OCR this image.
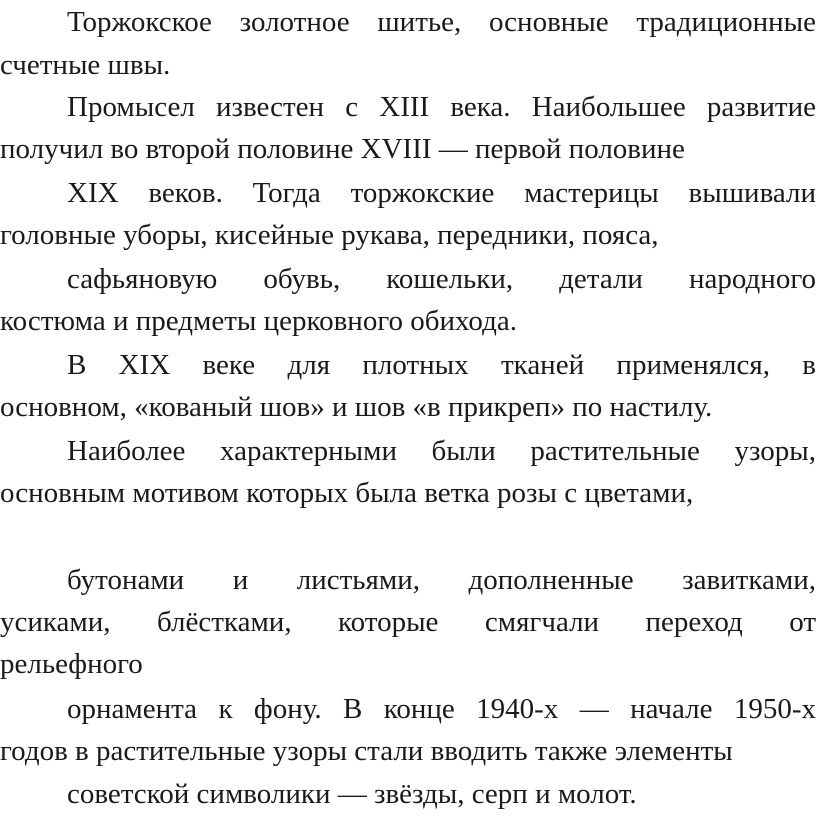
Торжокское золотное шитье, основные традиционные
счетные швы.
Промысел известен с XIII века. Наибольшее развитие
получил во второй половине XVIII — первой половине
XIX веков. Тогда торжокские мастерицы вышивали
головные уборы, кисейные рукава, передники, пояса,
сафьяновую обувь, кошельки, детали народного
костюма и предметы церковного обихода.
В XIX веке для плотных тканей применялся, в
основном, «кованый шов» и шов «в прикреп» по настилу.
Наиболее характерными были растительные узоры,
основным мотивом которых была ветка розы с цветами,
бутонами и листьями, дополненные завитками,
усиками, блёстками, которые смягчали переход от
рельефного
орнамента к фону. В конце 1940-х — начале 1950-х
годов в растительные узоры стали вводить также элементы
советской символики — звёзды, серп и молот.
